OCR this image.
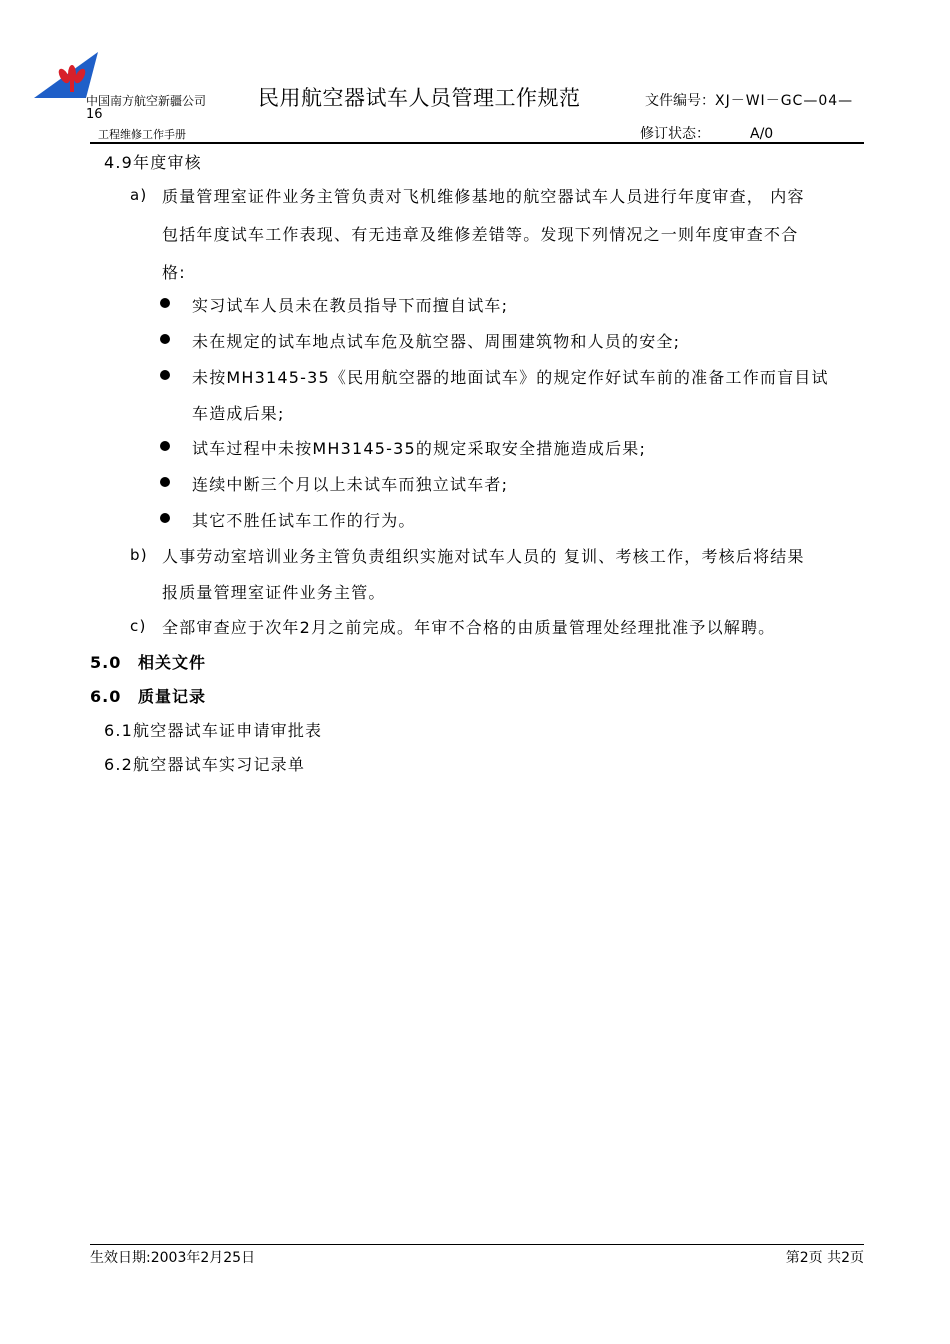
中国南方航空新疆公司
16
工程维修工作手册
民用航空器试车人员管理工作规范	文件编号：XJ－WI－GC—04—
修订状态：	A/0
4.9年度审核
a) 质量管理室证件业务主管负责对飞机维修基地的航空器试车人员进行年度审查， 内容
包括年度试车工作表现、有无违章及维修差错等。发现下列情况之一则年度审查不合
格:
实习试车人员未在教员指导下而擅自试车;
未在规定的试车地点试车危及航空器、周围建筑物和人员的安全;
未按MH3145-35《民用航空器的地面试车》的规定作好试车前的准备工作而盲目试
车造成后果;
试车过程中未按MH3145-35的规定采取安全措施造成后果;
连续中断三个月以上未试车而独立试车者;
其它不胜任试车工作的行为。
b) 人事劳动室培训业务主管负责组织实施对试车人员的 复训、考核工作，考核后将结果
报质量管理室证件业务主管。
c) 全部审查应于次年2月之前完成。年审不合格的由质量管理处经理批准予以解聘。
5.0 相关文件
6.0 质量记录
6.1航空器试车证申请审批表
6.2航空器试车实习记录单
生效日期:2003年2月25日	第2页 共2页
